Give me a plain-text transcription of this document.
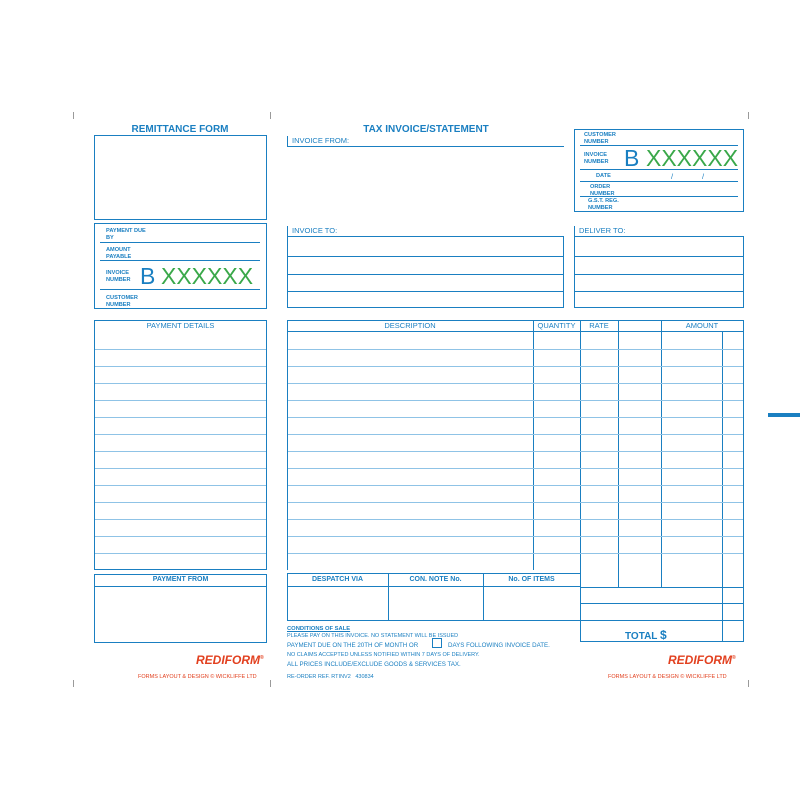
REMITTANCE FORM
PAYMENT DUE BY
AMOUNT PAYABLE
INVOICE NUMBER B XXXXXX
CUSTOMER NUMBER
PAYMENT DETAILS
PAYMENT FROM
REDIFORM®
FORMS LAYOUT & DESIGN © WICKLIFFE LTD
TAX INVOICE/STATEMENT
INVOICE FROM:
CUSTOMER NUMBER
INVOICE NUMBER B XXXXXX
DATE	/	/
ORDER NUMBER
G.S.T. REG. NUMBER
INVOICE TO:	DELIVER TO:
DESCRIPTION	QUANTITY	RATE	AMOUNT
DESPATCH VIA	CON. NOTE No.	No. OF ITEMS
TOTAL $
CONDITIONS OF SALE
PLEASE PAY ON THIS INVOICE. NO STATEMENT WILL BE ISSUED
PAYMENT DUE ON THE 20TH OF MONTH OR	DAYS FOLLOWING INVOICE DATE.
NO CLAIMS ACCEPTED UNLESS NOTIFIED WITHIN 7 DAYS OF DELIVERY.
ALL PRICES INCLUDE/EXCLUDE GOODS & SERVICES TAX.
RE-ORDER REF. RTINV2 430834
REDIFORM®
FORMS LAYOUT & DESIGN © WICKLIFFE LTD
